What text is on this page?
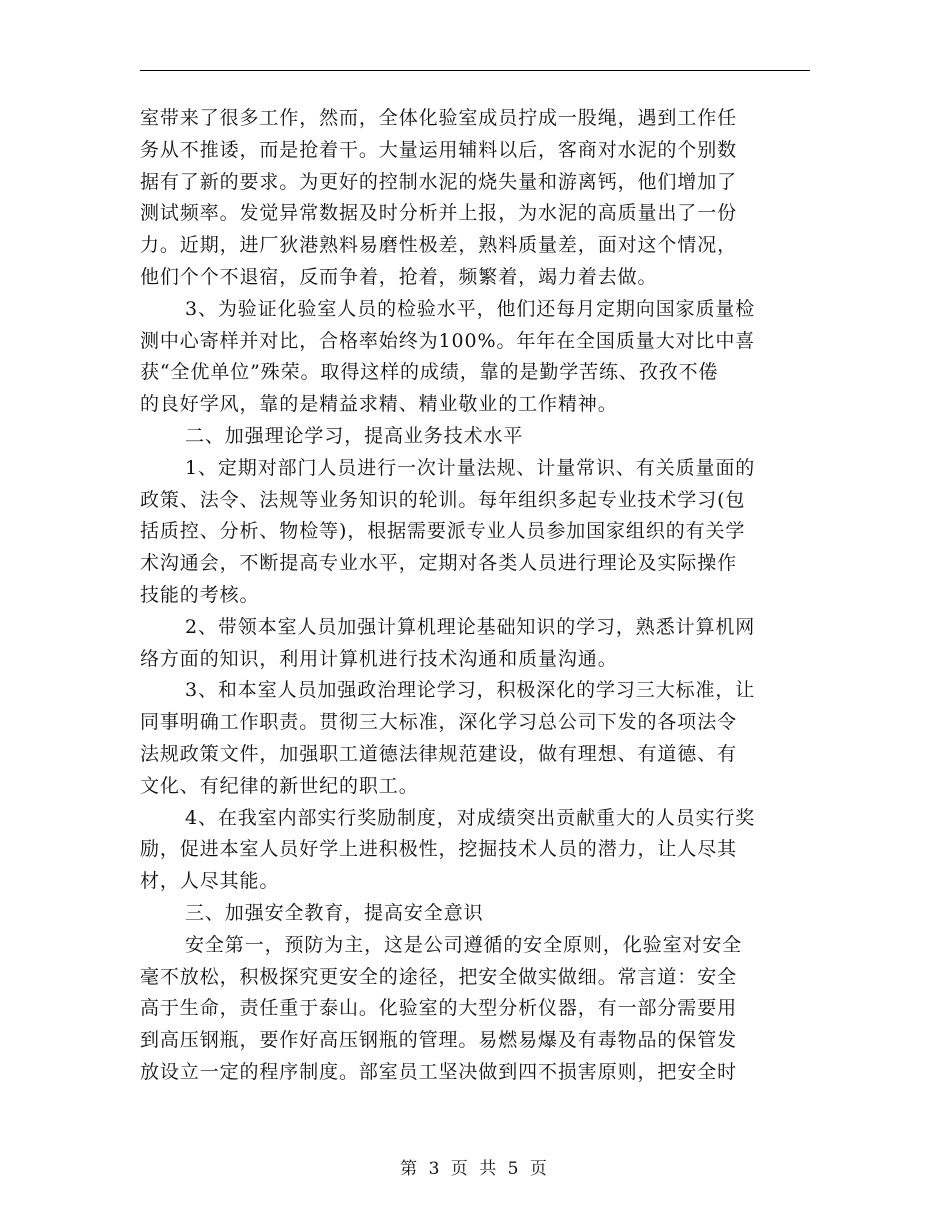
室带来了很多工作，然而，全体化验室成员拧成一股绳，遇到工作任
务从不推诿，而是抢着干。大量运用辅料以后，客商对水泥的个别数
据有了新的要求。为更好的控制水泥的烧失量和游离钙，他们增加了
测试频率。发觉异常数据及时分析并上报，为水泥的高质量出了一份
力。近期，进厂狄港熟料易磨性极差，熟料质量差，面对这个情况，
他们个个不退宿，反而争着，抢着，频繁着，竭力着去做。
3、为验证化验室人员的检验水平，他们还每月定期向国家质量检
测中心寄样并对比，合格率始终为100%。年年在全国质量大对比中喜
获“全优单位”殊荣。取得这样的成绩，靠的是勤学苦练、孜孜不倦
的良好学风，靠的是精益求精、精业敬业的工作精神。
二、加强理论学习，提高业务技术水平
1、定期对部门人员进行一次计量法规、计量常识、有关质量面的
政策、法令、法规等业务知识的轮训。每年组织多起专业技术学习(包
括质控、分析、物检等)，根据需要派专业人员参加国家组织的有关学
术沟通会，不断提高专业水平，定期对各类人员进行理论及实际操作
技能的考核。
2、带领本室人员加强计算机理论基础知识的学习，熟悉计算机网
络方面的知识，利用计算机进行技术沟通和质量沟通。
3、和本室人员加强政治理论学习，积极深化的学习三大标准，让
同事明确工作职责。贯彻三大标准，深化学习总公司下发的各项法令
法规政策文件，加强职工道德法律规范建设，做有理想、有道德、有
文化、有纪律的新世纪的职工。
4、在我室内部实行奖励制度，对成绩突出贡献重大的人员实行奖
励，促进本室人员好学上进积极性，挖掘技术人员的潜力，让人尽其
材，人尽其能。
三、加强安全教育，提高安全意识
安全第一，预防为主，这是公司遵循的安全原则，化验室对安全
毫不放松，积极探究更安全的途径，把安全做实做细。常言道：安全
高于生命，责任重于泰山。化验室的大型分析仪器，有一部分需要用
到高压钢瓶，要作好高压钢瓶的管理。易燃易爆及有毒物品的保管发
放设立一定的程序制度。部室员工坚决做到四不损害原则，把安全时
第 3 页 共 5 页
